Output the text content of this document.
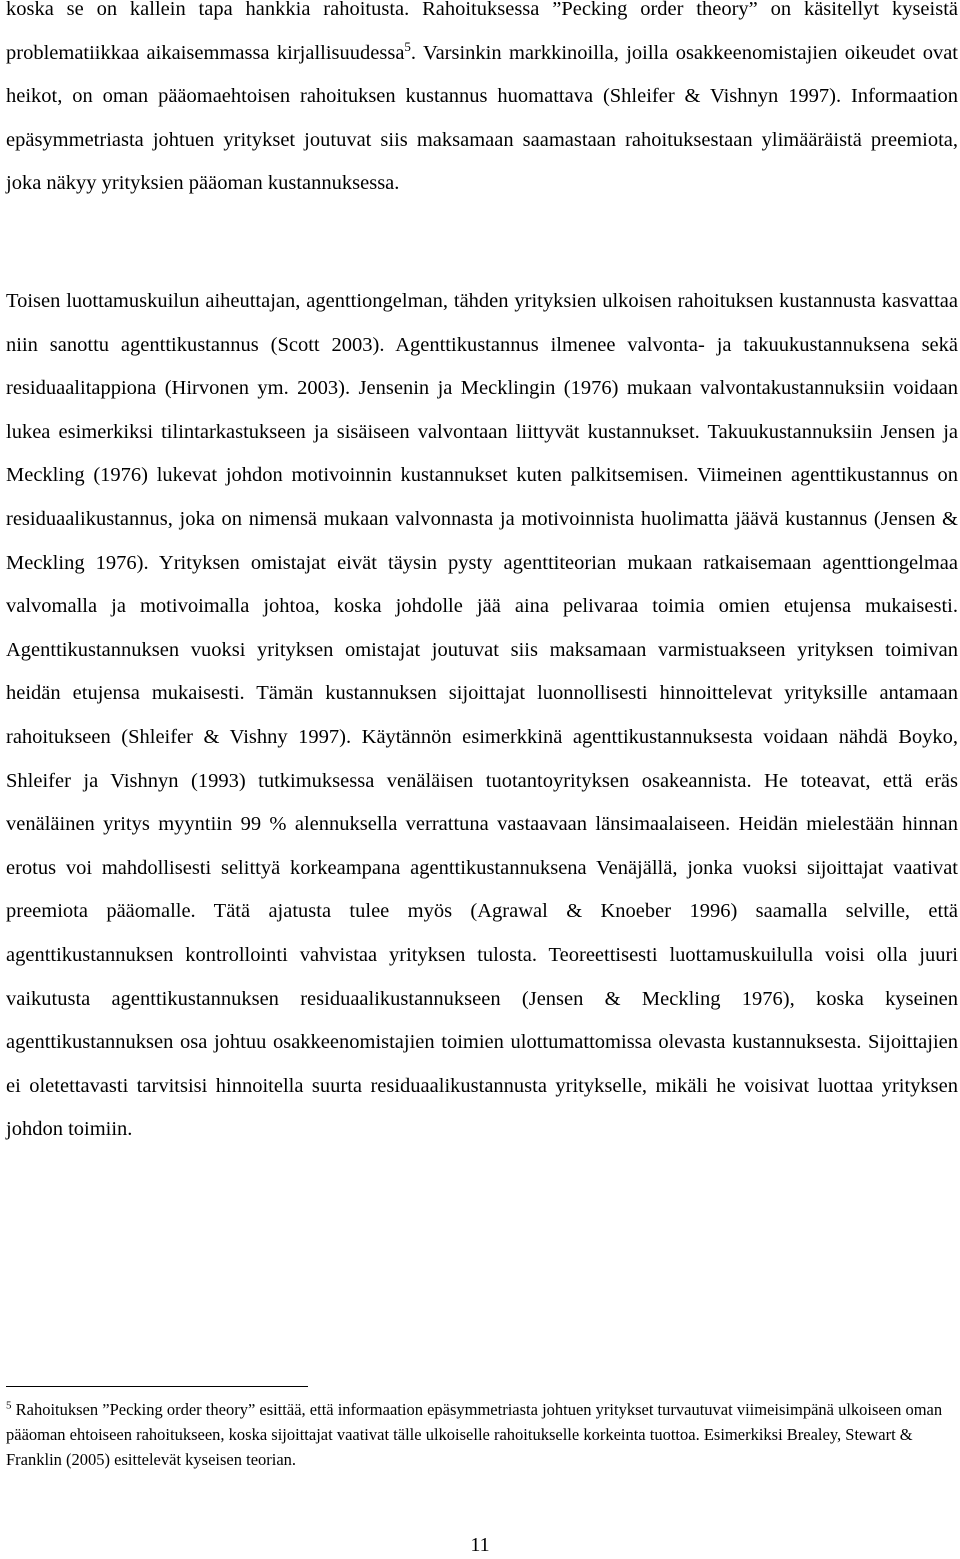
koska se on kallein tapa hankkia rahoitusta. Rahoituksessa ”Pecking order theory” on käsitellyt kyseistä problematiikkaa aikaisemmassa kirjallisuudessa$^5$. Varsinkin markkinoilla, joilla osakkeenomistajien oikeudet ovat heikot, on oman pääomaehtoisen rahoituksen kustannus huomattava (Shleifer & Vishnyn 1997). Informaation epäsymmetriasta johtuen yritykset joutuvat siis maksamaan saamastaan rahoituksestaan ylimääräistä preemiota, joka näkyy yrityksien pääoman kustannuksessa.

Toisen luottamuskuilun aiheuttajan, agenttiongelman, tähden yrityksien ulkoisen rahoituksen kustannusta kasvattaa niin sanottu agenttikustannus (Scott 2003). Agenttikustannus ilmenee valvonta- ja takuukustannuksena sekä residuaalitappiona (Hirvonen ym. 2003). Jensenin ja Mecklingin (1976) mukaan valvontakustannuksiin voidaan lukea esimerkiksi tilintarkastukseen ja sisäiseen valvontaan liittyvät kustannukset. Takuukustannuksiin Jensen ja Meckling (1976) lukevat johdon motivoinnin kustannukset kuten palkitsemisen. Viimeinen agenttikustannus on residuaalikustannus, joka on nimensä mukaan valvonnasta ja motivoinnista huolimatta jäävä kustannus (Jensen & Meckling 1976). Yrityksen omistajat eivät täysin pysty agenttiteorian mukaan ratkaisemaan agenttiongelmaa valvomalla ja motivoimalla johtoa, koska johdolle jää aina pelivaraa toimia omien etujensa mukaisesti. Agenttikustannuksen vuoksi yrityksen omistajat joutuvat siis maksamaan varmistuakseen yrityksen toimivan heidän etujensa mukaisesti. Tämän kustannuksen sijoittajat luonnollisesti hinnoittelevat yrityksille antamaan rahoitukseen (Shleifer & Vishny 1997). Käytännön esimerkkinä agenttikustannuksesta voidaan nähdä Boyko, Shleifer ja Vishnyn (1993) tutkimuksessa venäläisen tuotantoyrityksen osakeannista. He toteavat, että eräs venäläinen yritys myyntiin 99 % alennuksella verrattuna vastaavaan länsimaalaiseen. Heidän mielestään hinnan erotus voi mahdollisesti selittyä korkeampana agenttikustannuksena Venäjällä, jonka vuoksi sijoittajat vaativat preemiota pääomalle. Tätä ajatusta tulee myös (Agrawal & Knoeber 1996) saamalla selville, että agenttikustannuksen kontrollointi vahvistaa yrityksen tulosta. Teoreettisesti luottamuskuilulla voisi olla juuri vaikutusta agenttikustannuksen residuaalikustannukseen (Jensen & Meckling 1976), koska kyseinen agenttikustannuksen osa johtuu osakkeenomistajien toimien ulottumattomissa olevasta kustannuksesta. Sijoittajien ei oletettavasti tarvitsisi hinnoitella suurta residuaalikustannusta yritykselle, mikäli he voisivat luottaa yrityksen johdon toimiin.

$^5$ Rahoituksen ”Pecking order theory” esittää, että informaation epäsymmetriasta johtuen yritykset turvautuvat viimeisimpänä ulkoiseen oman pääoman ehtoiseen rahoitukseen, koska sijoittajat vaativat tälle ulkoiselle rahoitukselle korkeinta tuottoa. Esimerkiksi Brealey, Stewart & Franklin (2005) esittelevät kyseisen teorian.

11
